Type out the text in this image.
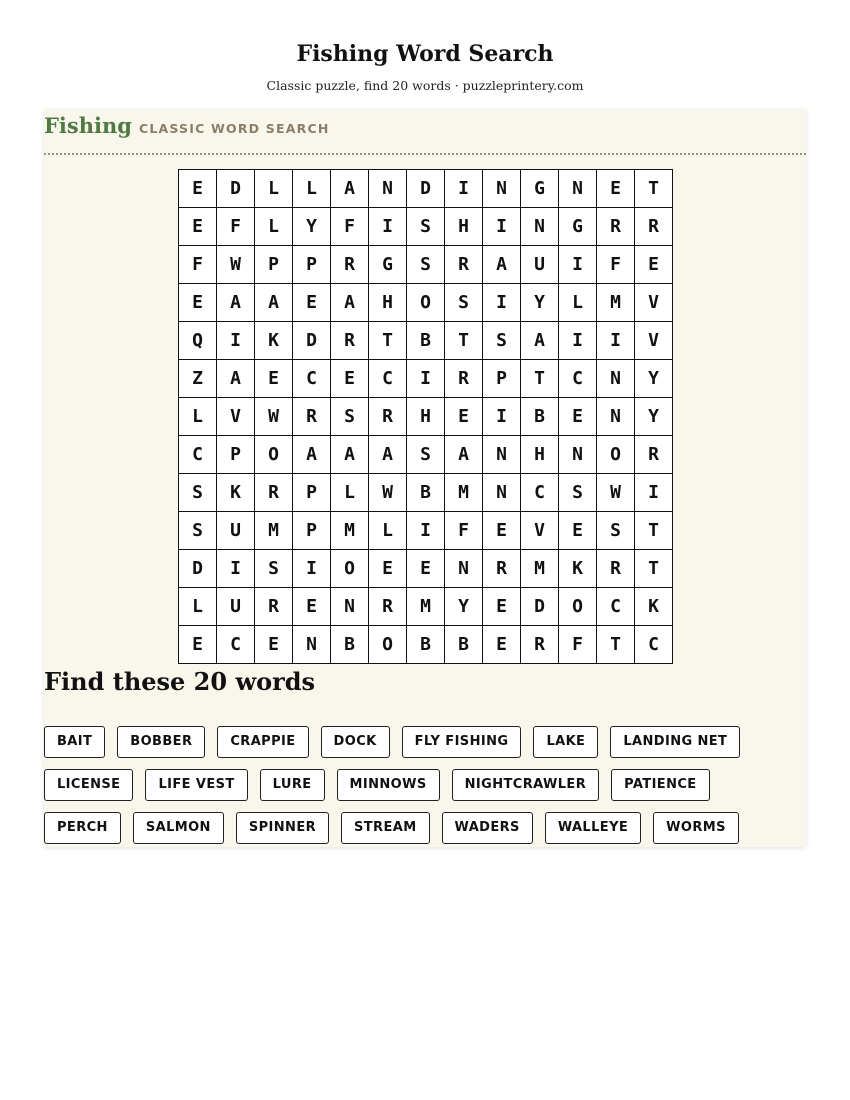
Fishing Word Search

Classic puzzle, find 20 words · puzzleprintery.com

Fishing CLASSIC WORD SEARCH
E	D	L	L	A	N	D	I	N	G	N	E	T
E	F	L	Y	F	I	S	H	I	N	G	R	R
F	W	P	P	R	G	S	R	A	U	I	F	E
E	A	A	E	A	H	O	S	I	Y	L	M	V
Q	I	K	D	R	T	B	T	S	A	I	I	V
Z	A	E	C	E	C	I	R	P	T	C	N	Y
L	V	W	R	S	R	H	E	I	B	E	N	Y
C	P	O	A	A	A	S	A	N	H	N	O	R
S	K	R	P	L	W	B	M	N	C	S	W	I
S	U	M	P	M	L	I	F	E	V	E	S	T
D	I	S	I	O	E	E	N	R	M	K	R	T
L	U	R	E	N	R	M	Y	E	D	O	C	K
E	C	E	N	B	O	B	B	E	R	F	T	C
Find these 20 words
BAIT	BOBBER	CRAPPIE	DOCK	FLY FISHING	LAKE	LANDING NET
LICENSE	LIFE VEST	LURE	MINNOWS	NIGHTCRAWLER	PATIENCE
PERCH	SALMON	SPINNER	STREAM	WADERS	WALLEYE	WORMS
